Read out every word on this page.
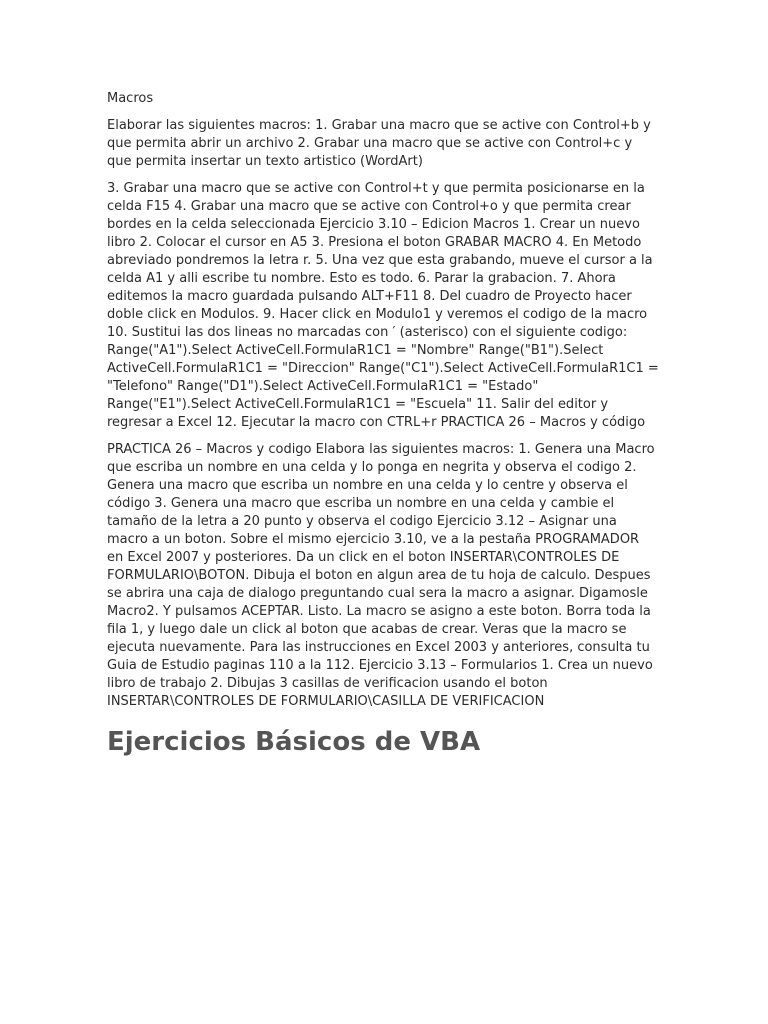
Macros

Elaborar las siguientes macros: 1. Grabar una macro que se active con Control+b y que permita abrir un archivo 2. Grabar una macro que se active con Control+c y que permita insertar un texto artistico (WordArt)

3. Grabar una macro que se active con Control+t y que permita posicionarse en la celda F15 4. Grabar una macro que se active con Control+o y que permita crear bordes en la celda seleccionada Ejercicio 3.10 – Edicion Macros 1. Crear un nuevo libro 2. Colocar el cursor en A5 3. Presiona el boton GRABAR MACRO 4. En Metodo abreviado pondremos la letra r. 5. Una vez que esta grabando, mueve el cursor a la celda A1 y alli escribe tu nombre. Esto es todo. 6. Parar la grabacion. 7. Ahora editemos la macro guardada pulsando ALT+F11 8. Del cuadro de Proyecto hacer doble click en Modulos. 9. Hacer click en Modulo1 y veremos el codigo de la macro 10. Sustitui las dos lineas no marcadas con ′ (asterisco) con el siguiente codigo: Range("A1").Select ActiveCell.FormulaR1C1 = "Nombre" Range("B1").Select ActiveCell.FormulaR1C1 = "Direccion" Range("C1").Select ActiveCell.FormulaR1C1 = "Telefono" Range("D1").Select ActiveCell.FormulaR1C1 = "Estado" Range("E1").Select ActiveCell.FormulaR1C1 = "Escuela" 11. Salir del editor y regresar a Excel 12. Ejecutar la macro con CTRL+r PRACTICA 26 – Macros y código

PRACTICA 26 – Macros y codigo Elabora las siguientes macros: 1. Genera una Macro que escriba un nombre en una celda y lo ponga en negrita y observa el codigo 2. Genera una macro que escriba un nombre en una celda y lo centre y observa el código 3. Genera una macro que escriba un nombre en una celda y cambie el tamaño de la letra a 20 punto y observa el codigo Ejercicio 3.12 – Asignar una macro a un boton. Sobre el mismo ejercicio 3.10, ve a la pestaña PROGRAMADOR en Excel 2007 y posteriores. Da un click en el boton INSERTAR\CONTROLES DE FORMULARIO\BOTON. Dibuja el boton en algun area de tu hoja de calculo. Despues se abrira una caja de dialogo preguntando cual sera la macro a asignar. Digamosle Macro2. Y pulsamos ACEPTAR. Listo. La macro se asigno a este boton. Borra toda la fila 1, y luego dale un click al boton que acabas de crear. Veras que la macro se ejecuta nuevamente. Para las instrucciones en Excel 2003 y anteriores, consulta tu Guia de Estudio paginas 110 a la 112. Ejercicio 3.13 – Formularios 1. Crea un nuevo libro de trabajo 2. Dibujas 3 casillas de verificacion usando el boton INSERTAR\CONTROLES DE FORMULARIO\CASILLA DE VERIFICACION

Ejercicios Básicos de VBA
